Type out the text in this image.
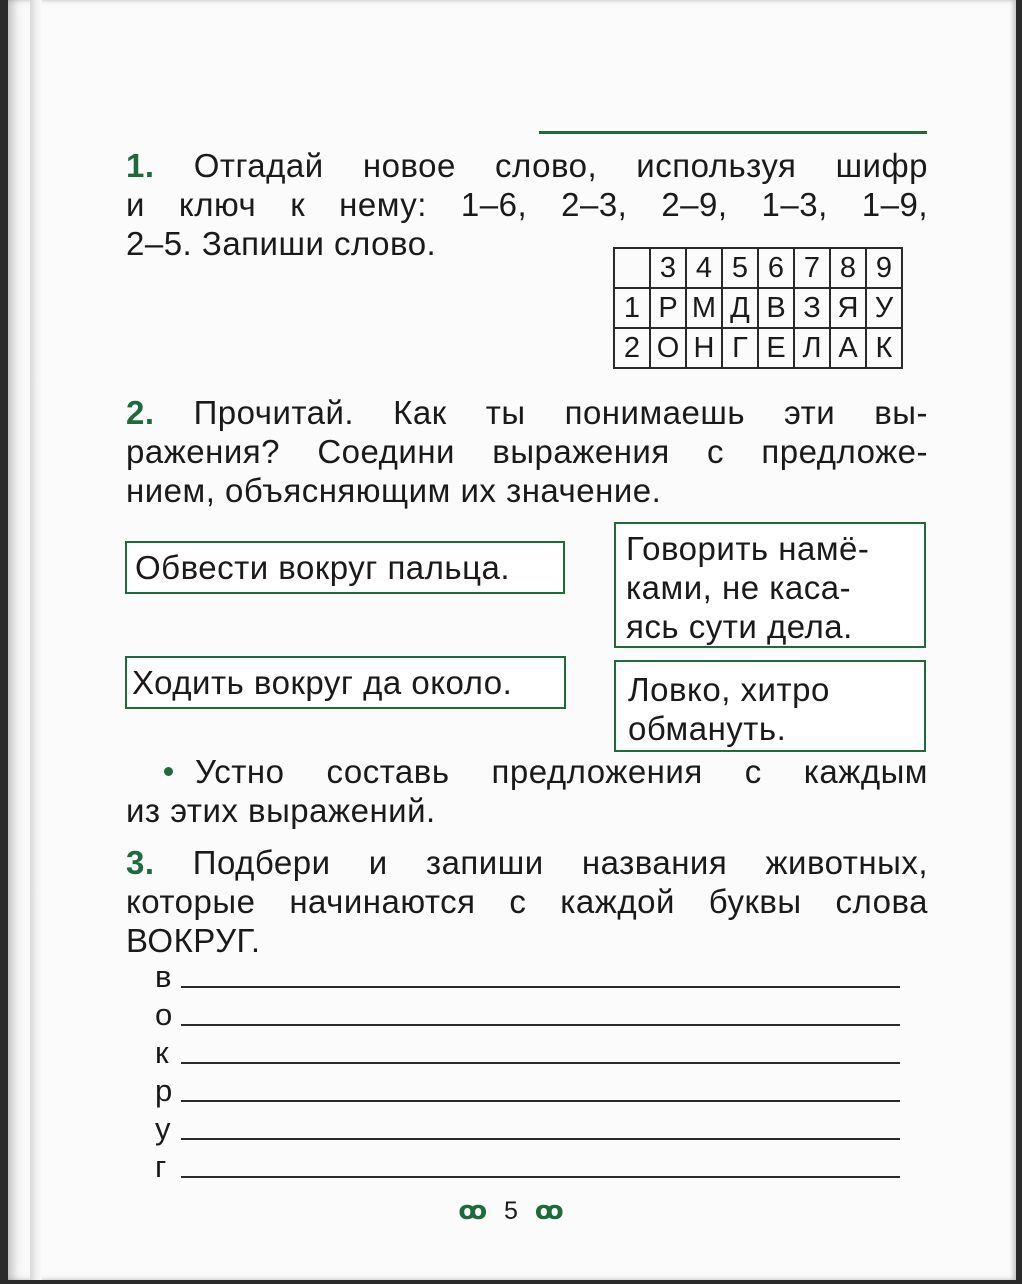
1. Отгадай новое слово, используя шифр
и ключ к нему: 1–6, 2–3, 2–9, 1–3, 1–9,
2–5. Запиши слово.
	3	4	5	6	7	8	9
1	Р	М	Д	В	З	Я	У
2	О	Н	Г	Е	Л	А	К
2. Прочитай. Как ты понимаешь эти вы-
ражения? Соедини выражения с предложе-
нием, объясняющим их значение.
Обвести вокруг пальца.
Ходить вокруг да около.
Говорить намё-
ками, не каса-
ясь сути дела.
Ловко, хитро
обмануть.
Устно составь предложения с каждым
из этих выражений.
3. Подбери и запиши названия животных,
которые начинаются с каждой буквы слова
ВОКРУГ.
в
о
к
р
у
г
ꝏ 5 ꝏ
